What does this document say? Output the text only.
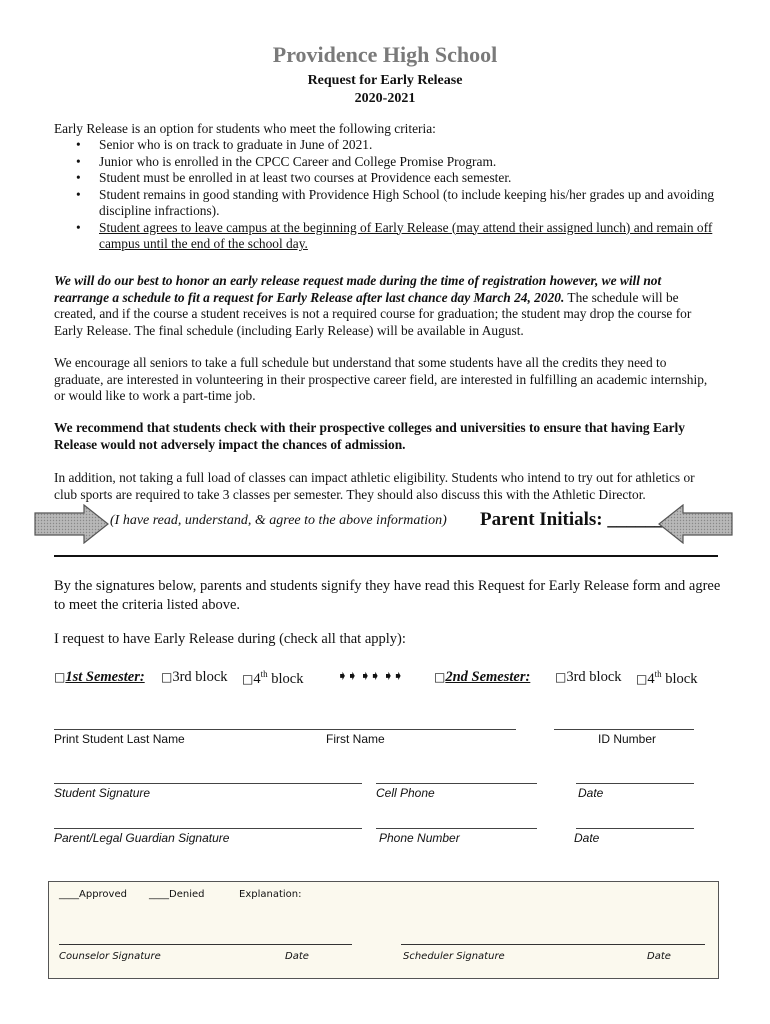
Providence High School
Request for Early Release
2020-2021
Early Release is an option for students who meet the following criteria:
• Senior who is on track to graduate in June of 2021.
• Junior who is enrolled in the CPCC Career and College Promise Program.
• Student must be enrolled in at least two courses at Providence each semester.
• Student remains in good standing with Providence High School (to include keeping his/her grades up and avoiding discipline infractions).
• Student agrees to leave campus at the beginning of Early Release (may attend their assigned lunch) and remain off campus until the end of the school day.
We will do our best to honor an early release request made during the time of registration however, we will not rearrange a schedule to fit a request for Early Release after last chance day March 24, 2020. The schedule will be created, and if the course a student receives is not a required course for graduation; the student may drop the course for Early Release. The final schedule (including Early Release) will be available in August.
We encourage all seniors to take a full schedule but understand that some students have all the credits they need to graduate, are interested in volunteering in their prospective career field, are interested in fulfilling an academic internship, or would like to work a part-time job.
We recommend that students check with their prospective colleges and universities to ensure that having Early Release would not adversely impact the chances of admission.
In addition, not taking a full load of classes can impact athletic eligibility. Students who intend to try out for athletics or club sports are required to take 3 classes per semester. They should also discuss this with the Athletic Director.
(I have read, understand, & agree to the above information) Parent Initials: ______
By the signatures below, parents and students signify they have read this Request for Early Release form and agree to meet the criteria listed above.
I request to have Early Release during (check all that apply):
□1st Semester: □3rd block □4th block	➧➧ ➧➧ ➧➧	□2nd Semester: □3rd block □4th block
Print Student Last Name	First Name	ID Number
Student Signature	Cell Phone	Date
Parent/Legal Guardian Signature	Phone Number	Date
____Approved ____Denied	Explanation:
Counselor Signature	Date	Scheduler Signature	Date
